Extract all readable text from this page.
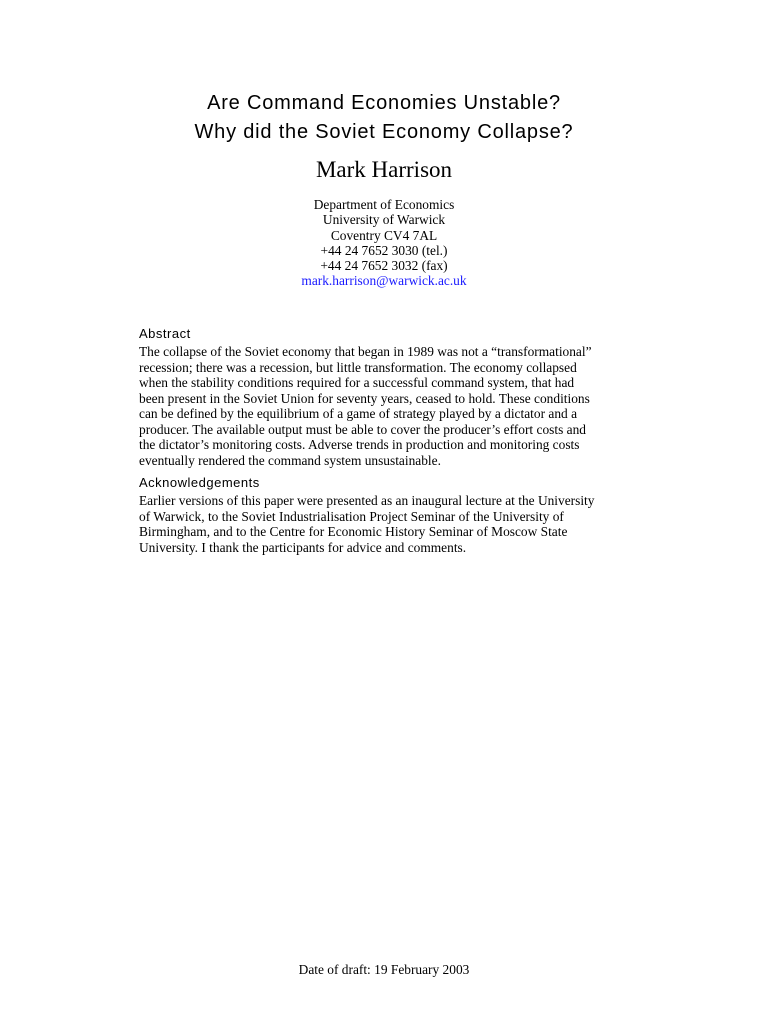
Are Command Economies Unstable?
Why did the Soviet Economy Collapse?
Mark Harrison
Department of Economics
University of Warwick
Coventry CV4 7AL
+44 24 7652 3030 (tel.)
+44 24 7652 3032 (fax)
mark.harrison@warwick.ac.uk
Abstract
The collapse of the Soviet economy that began in 1989 was not a “transformational”
recession; there was a recession, but little transformation. The economy collapsed
when the stability conditions required for a successful command system, that had
been present in the Soviet Union for seventy years, ceased to hold. These conditions
can be defined by the equilibrium of a game of strategy played by a dictator and a
producer. The available output must be able to cover the producer’s effort costs and
the dictator’s monitoring costs. Adverse trends in production and monitoring costs
eventually rendered the command system unsustainable.
Acknowledgements
Earlier versions of this paper were presented as an inaugural lecture at the University
of Warwick, to the Soviet Industrialisation Project Seminar of the University of
Birmingham, and to the Centre for Economic History Seminar of Moscow State
University. I thank the participants for advice and comments.
Date of draft: 19 February 2003
